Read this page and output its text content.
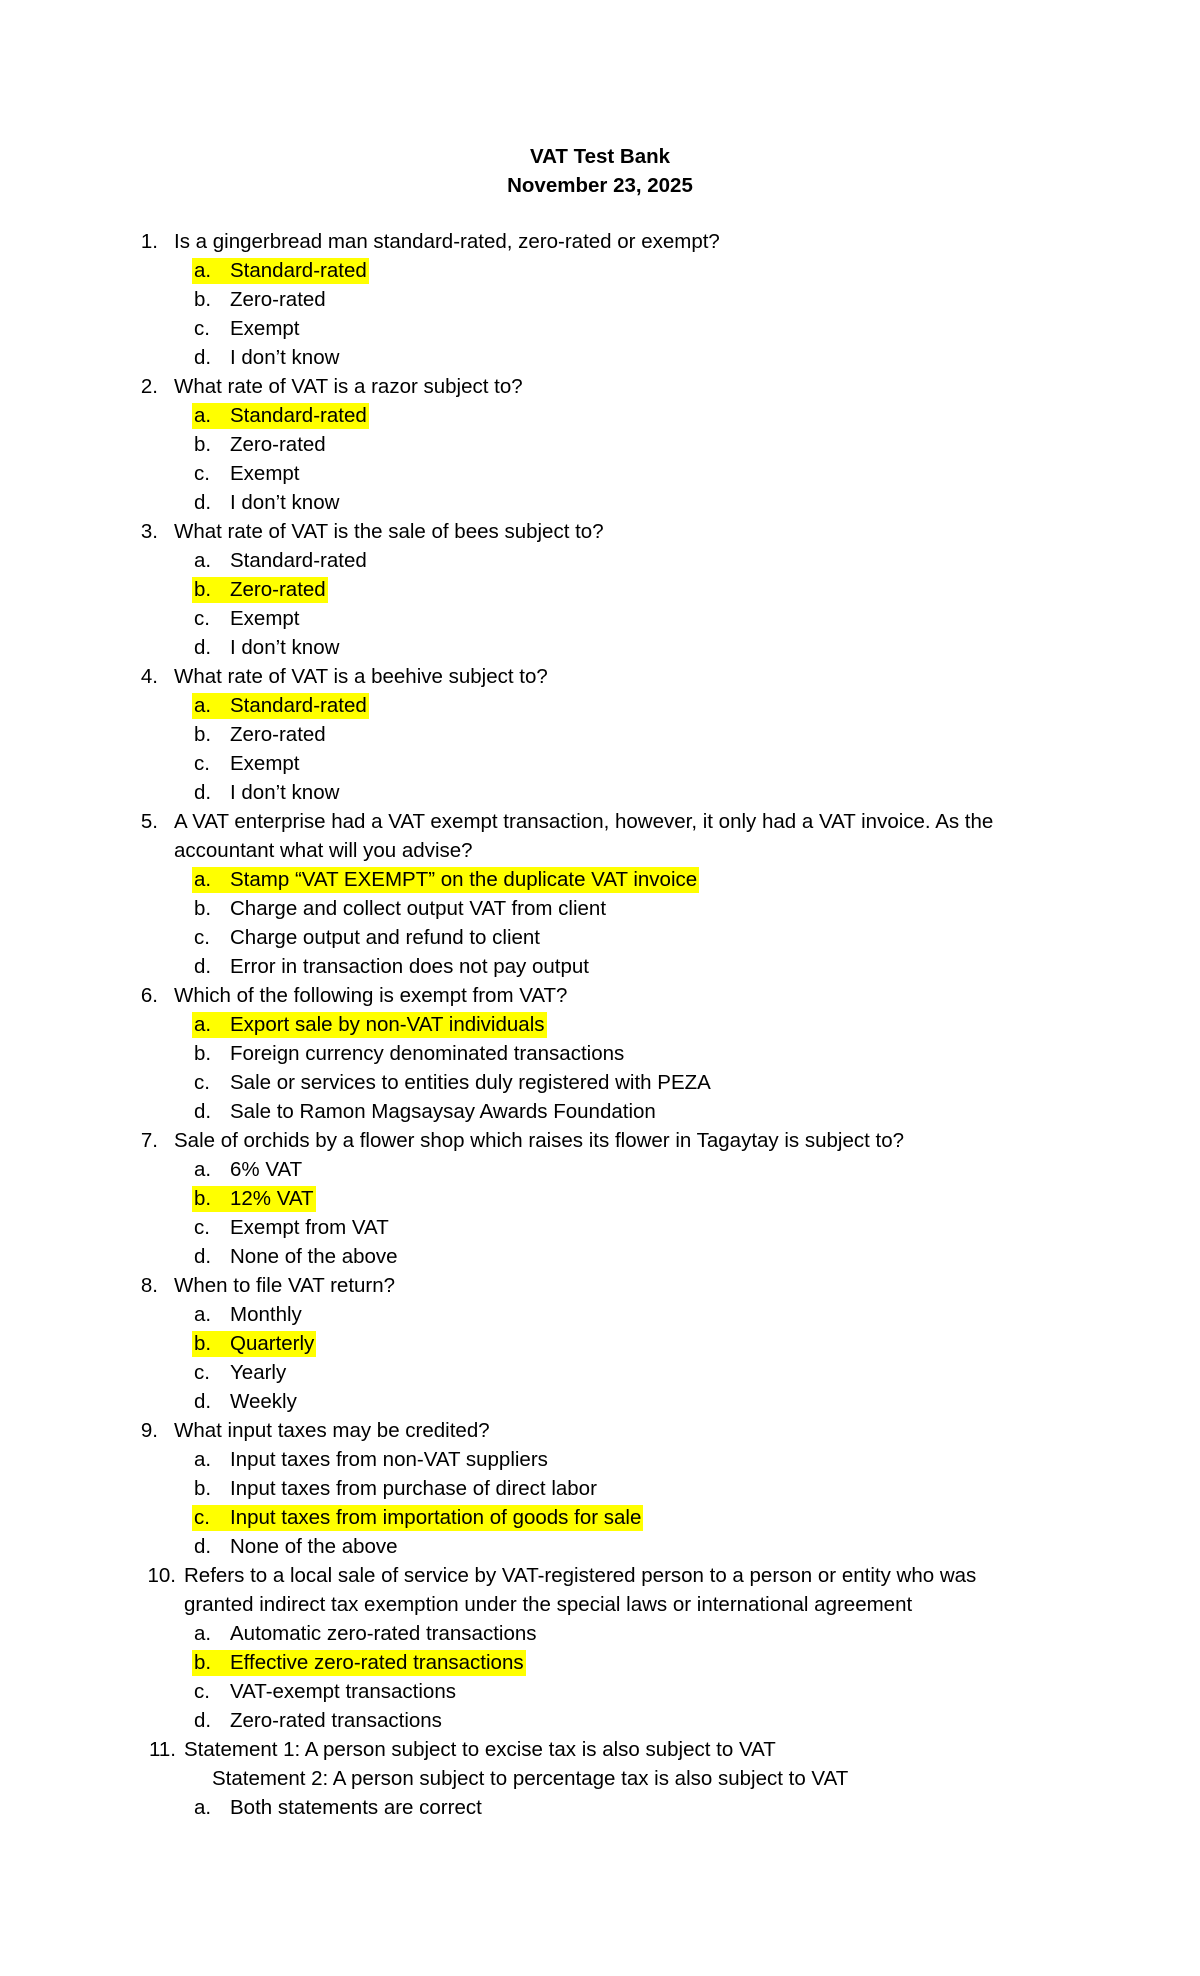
VAT Test Bank
November 23, 2025
1. Is a gingerbread man standard-rated, zero-rated or exempt?
a. Standard-rated
b. Zero-rated
c. Exempt
d. I don’t know
2. What rate of VAT is a razor subject to?
a. Standard-rated
b. Zero-rated
c. Exempt
d. I don’t know
3. What rate of VAT is the sale of bees subject to?
a. Standard-rated
b. Zero-rated
c. Exempt
d. I don’t know
4. What rate of VAT is a beehive subject to?
a. Standard-rated
b. Zero-rated
c. Exempt
d. I don’t know
5. A VAT enterprise had a VAT exempt transaction, however, it only had a VAT invoice. As the
accountant what will you advise?
a. Stamp “VAT EXEMPT” on the duplicate VAT invoice
b. Charge and collect output VAT from client
c. Charge output and refund to client
d. Error in transaction does not pay output
6. Which of the following is exempt from VAT?
a. Export sale by non-VAT individuals
b. Foreign currency denominated transactions
c. Sale or services to entities duly registered with PEZA
d. Sale to Ramon Magsaysay Awards Foundation
7. Sale of orchids by a flower shop which raises its flower in Tagaytay is subject to?
a. 6% VAT
b. 12% VAT
c. Exempt from VAT
d. None of the above
8. When to file VAT return?
a. Monthly
b. Quarterly
c. Yearly
d. Weekly
9. What input taxes may be credited?
a. Input taxes from non-VAT suppliers
b. Input taxes from purchase of direct labor
c. Input taxes from importation of goods for sale
d. None of the above
10. Refers to a local sale of service by VAT-registered person to a person or entity who was
granted indirect tax exemption under the special laws or international agreement
a. Automatic zero-rated transactions
b. Effective zero-rated transactions
c. VAT-exempt transactions
d. Zero-rated transactions
11. Statement 1: A person subject to excise tax is also subject to VAT
Statement 2: A person subject to percentage tax is also subject to VAT
a. Both statements are correct
